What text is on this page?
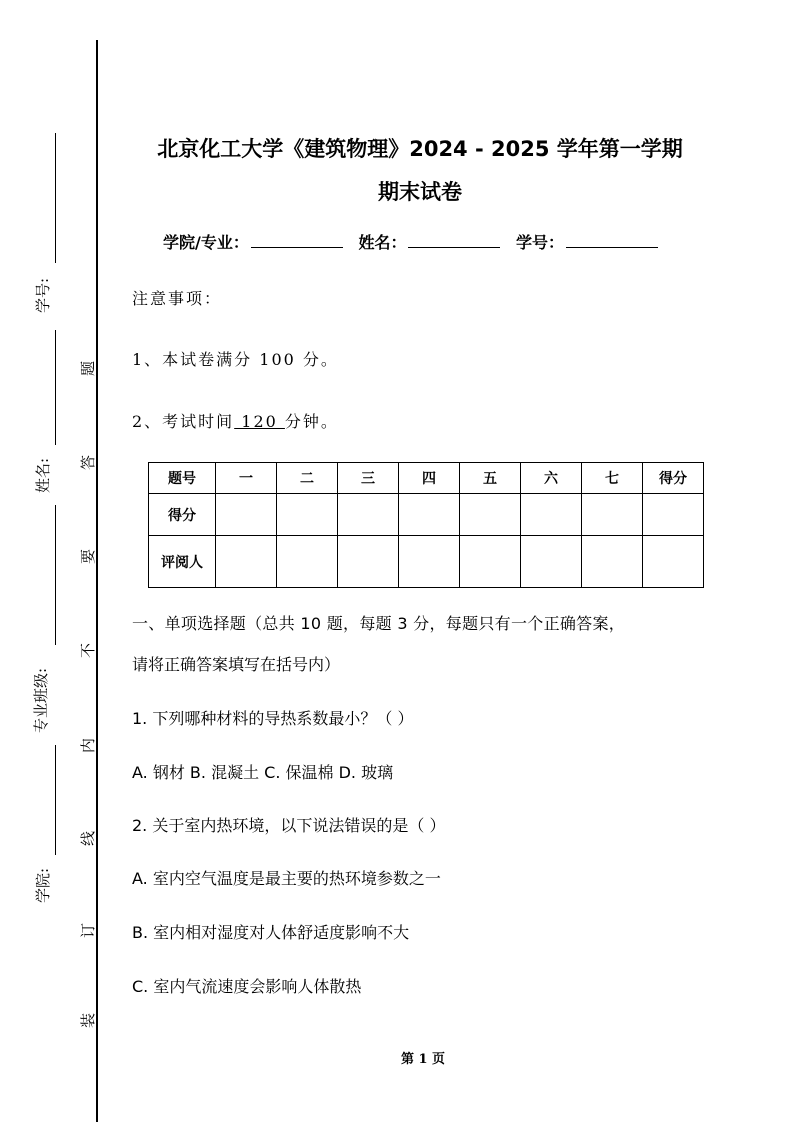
学号:
姓名:
专业班级:
学院:
题
答
要
不
内
线
订
装
北京化工大学《建筑物理》2024 - 2025 学年第一学期
期末试卷
学院/专业：	姓名：	学号：
注意事项：
1、本试卷满分 100 分。
2、考试时间 120 分钟。
题号	一	二	三	四	五	六	七	得分
得分								
评阅人								
一、单项选择题（总共 10 题，每题 3 分，每题只有一个正确答案，
请将正确答案填写在括号内）
1. 下列哪种材料的导热系数最小？（ ）
A. 钢材 B. 混凝土 C. 保温棉 D. 玻璃
2. 关于室内热环境，以下说法错误的是（ ）
A. 室内空气温度是最主要的热环境参数之一
B. 室内相对湿度对人体舒适度影响不大
C. 室内气流速度会影响人体散热
第 1 页
